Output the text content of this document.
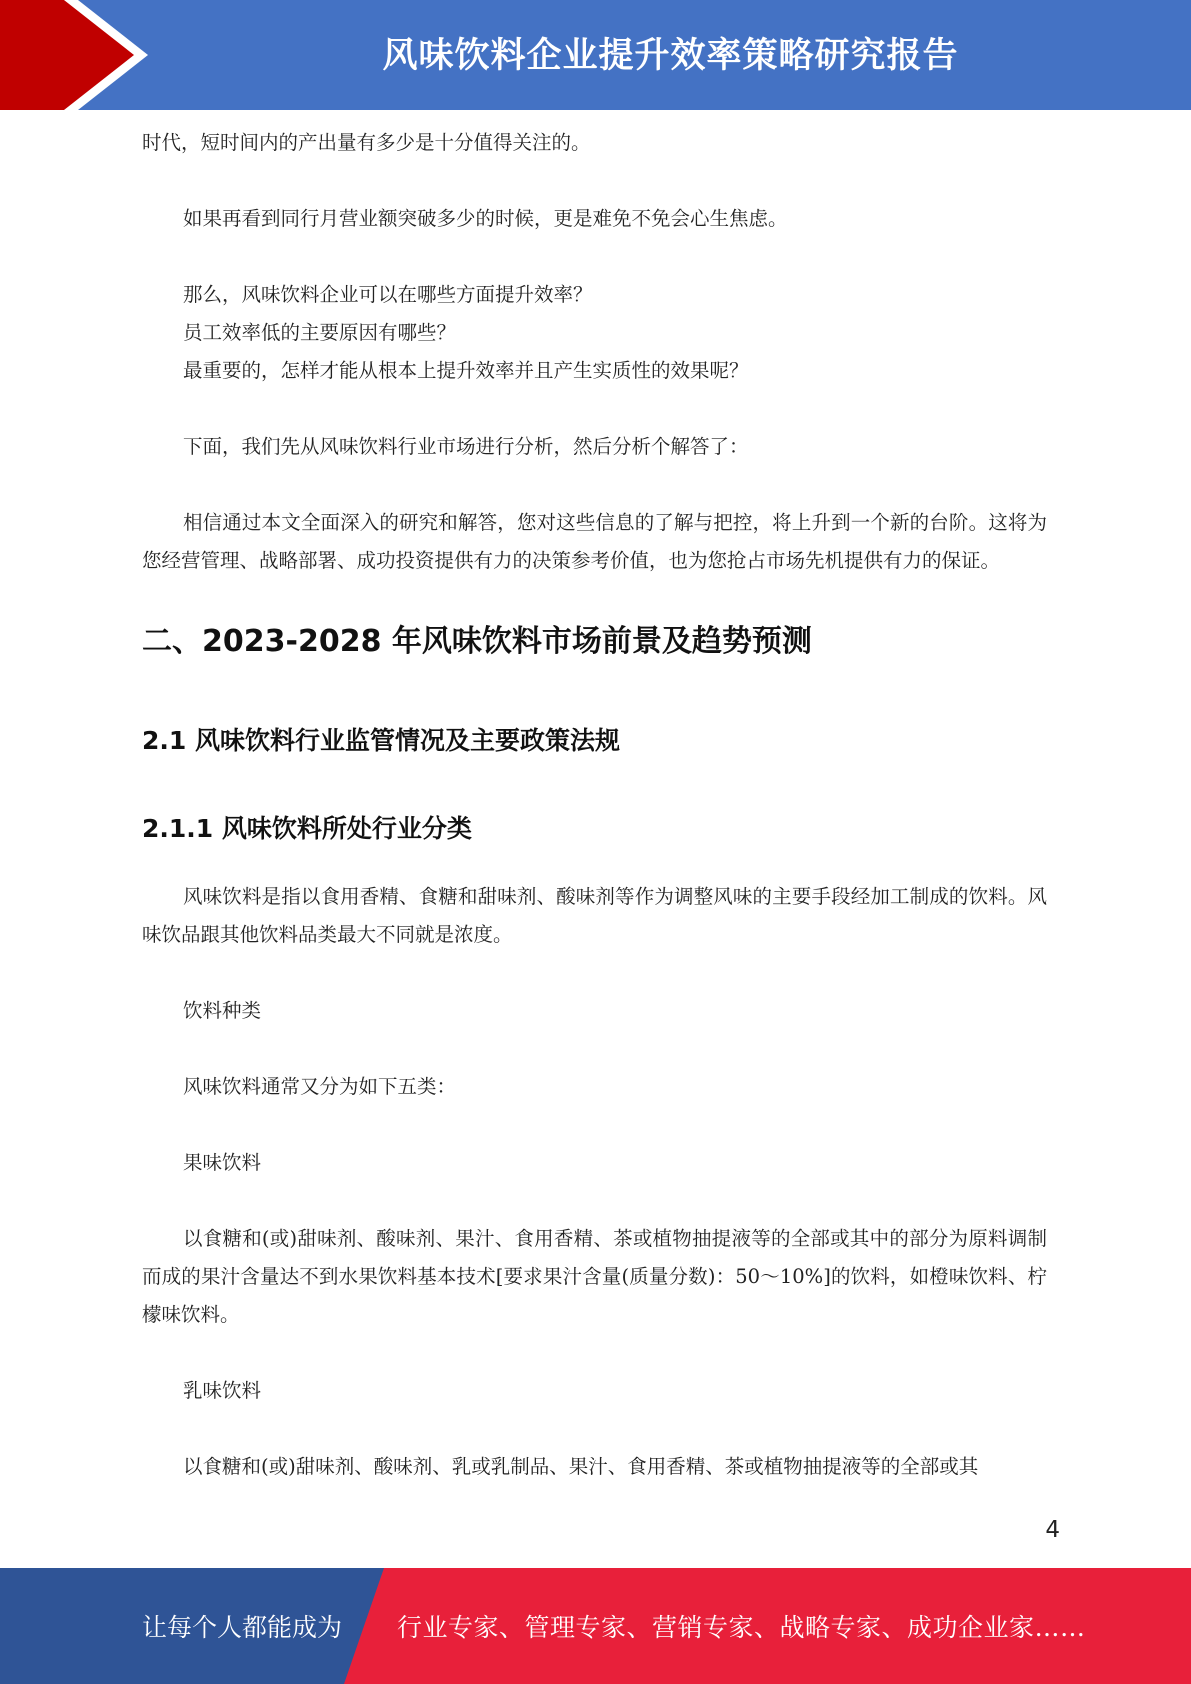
风味饮料企业提升效率策略研究报告

时代，短时间内的产出量有多少是十分值得关注的。

如果再看到同行月营业额突破多少的时候，更是难免不免会心生焦虑。

那么，风味饮料企业可以在哪些方面提升效率？

员工效率低的主要原因有哪些？

最重要的，怎样才能从根本上提升效率并且产生实质性的效果呢？

下面，我们先从风味饮料行业市场进行分析，然后分析个解答了：

相信通过本文全面深入的研究和解答，您对这些信息的了解与把控，将上升到一个新的台阶。这将为您经营管理、战略部署、成功投资提供有力的决策参考价值，也为您抢占市场先机提供有力的保证。

二、2023-2028 年风味饮料市场前景及趋势预测
2.1 风味饮料行业监管情况及主要政策法规
2.1.1 风味饮料所处行业分类

风味饮料是指以食用香精、食糖和甜味剂、酸味剂等作为调整风味的主要手段经加工制成的饮料。风味饮品跟其他饮料品类最大不同就是浓度。

饮料种类

风味饮料通常又分为如下五类：

果味饮料

以食糖和(或)甜味剂、酸味剂、果汁、食用香精、茶或植物抽提液等的全部或其中的部分为原料调制而成的果汁含量达不到水果饮料基本技术[要求果汁含量(质量分数)：50～10%]的饮料，如橙味饮料、柠檬味饮料。

乳味饮料

以食糖和(或)甜味剂、酸味剂、乳或乳制品、果汁、食用香精、茶或植物抽提液等的全部或其

4
让每个人都能成为 行业专家、管理专家、营销专家、战略专家、成功企业家……
